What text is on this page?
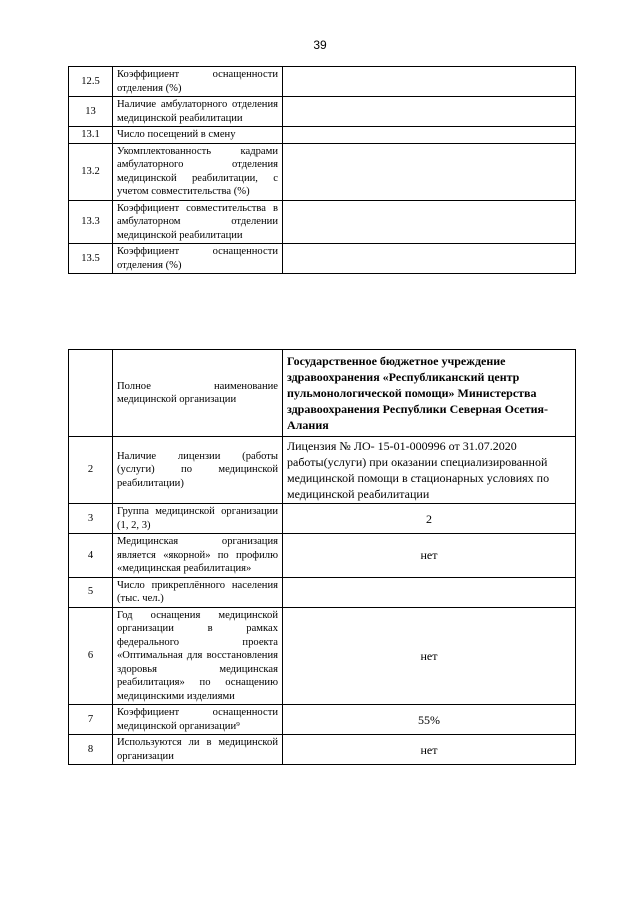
39
12.5	Коэффициент оснащенности отделения (%)	
13	Наличие амбулаторного отделения медицинской реабилитации	
13.1	Число посещений в смену	
13.2	Укомплектованность кадрами амбулаторного отделения медицинской реабилитации, с учетом совместительства (%)	
13.3	Коэффициент совместительства в амбулаторном отделении медицинской реабилитации	
13.5	Коэффициент оснащенности отделения (%)	
	Полное наименование медицинской организации	Государственное бюджетное учреждение здравоохранения «Республиканский центр пульмонологической помощи» Министерства здравоохранения Республики Северная Осетия-Алания
2	Наличие лицензии (работы (услуги) по медицинской реабилитации)	Лицензия № ЛО- 15-01-000996 от 31.07.2020 работы(услуги) при оказании специализированной медицинской помощи в стационарных условиях по медицинской реабилитации
3	Группа медицинской организации (1, 2, 3)	2
4	Медицинская организация является «якорной» по профилю «медицинская реабилитация»	нет
5	Число прикреплённого населения (тыс. чел.)	
6	Год оснащения медицинской организации в рамках федерального проекта «Оптимальная для восстановления здоровья медицинская реабилитация» по оснащению медицинскими изделиями	нет
7	Коэффициент оснащенности медицинской организации⁹	55%
8	Используются ли в медицинской организации	нет
